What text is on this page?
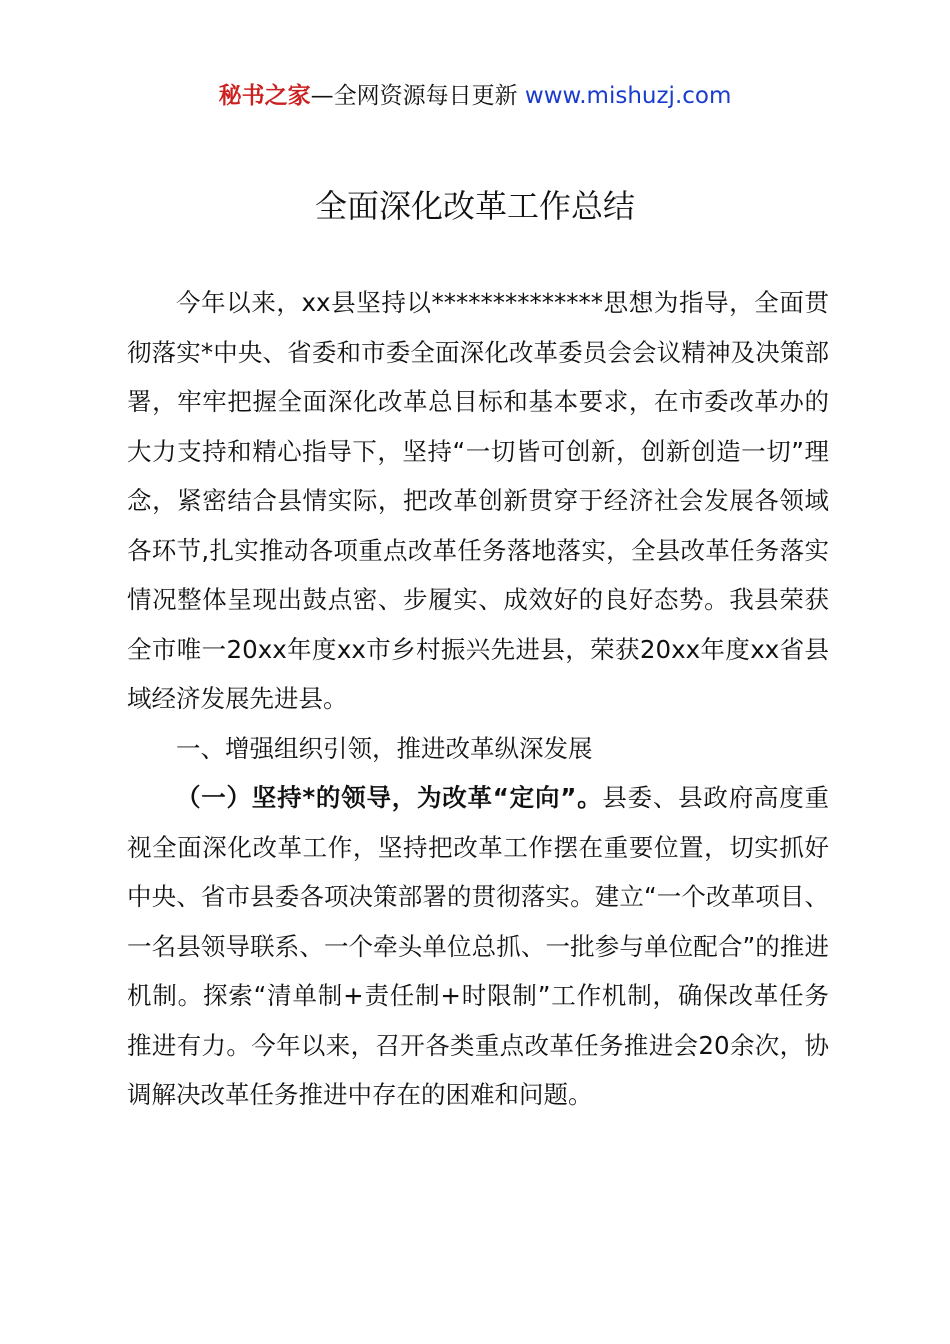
秘书之家—全网资源每日更新 www.mishuzj.com
全面深化改革工作总结

今年以来，xx县坚持以**************思想为指导，全面贯彻落实*中央、省委和市委全面深化改革委员会会议精神及决策部署，牢牢把握全面深化改革总目标和基本要求，在市委改革办的大力支持和精心指导下，坚持“一切皆可创新，创新创造一切”理念，紧密结合县情实际，把改革创新贯穿于经济社会发展各领域各环节,扎实推动各项重点改革任务落地落实，全县改革任务落实情况整体呈现出鼓点密、步履实、成效好的良好态势。我县荣获全市唯一20xx年度xx市乡村振兴先进县，荣获20xx年度xx省县域经济发展先进县。

一、增强组织引领，推进改革纵深发展

（一）坚持*的领导，为改革“定向”。县委、县政府高度重视全面深化改革工作，坚持把改革工作摆在重要位置，切实抓好中央、省市县委各项决策部署的贯彻落实。建立“一个改革项目、一名县领导联系、一个牵头单位总抓、一批参与单位配合”的推进机制。探索“清单制+责任制+时限制”工作机制，确保改革任务推进有力。今年以来，召开各类重点改革任务推进会20余次，协调解决改革任务推进中存在的困难和问题。
